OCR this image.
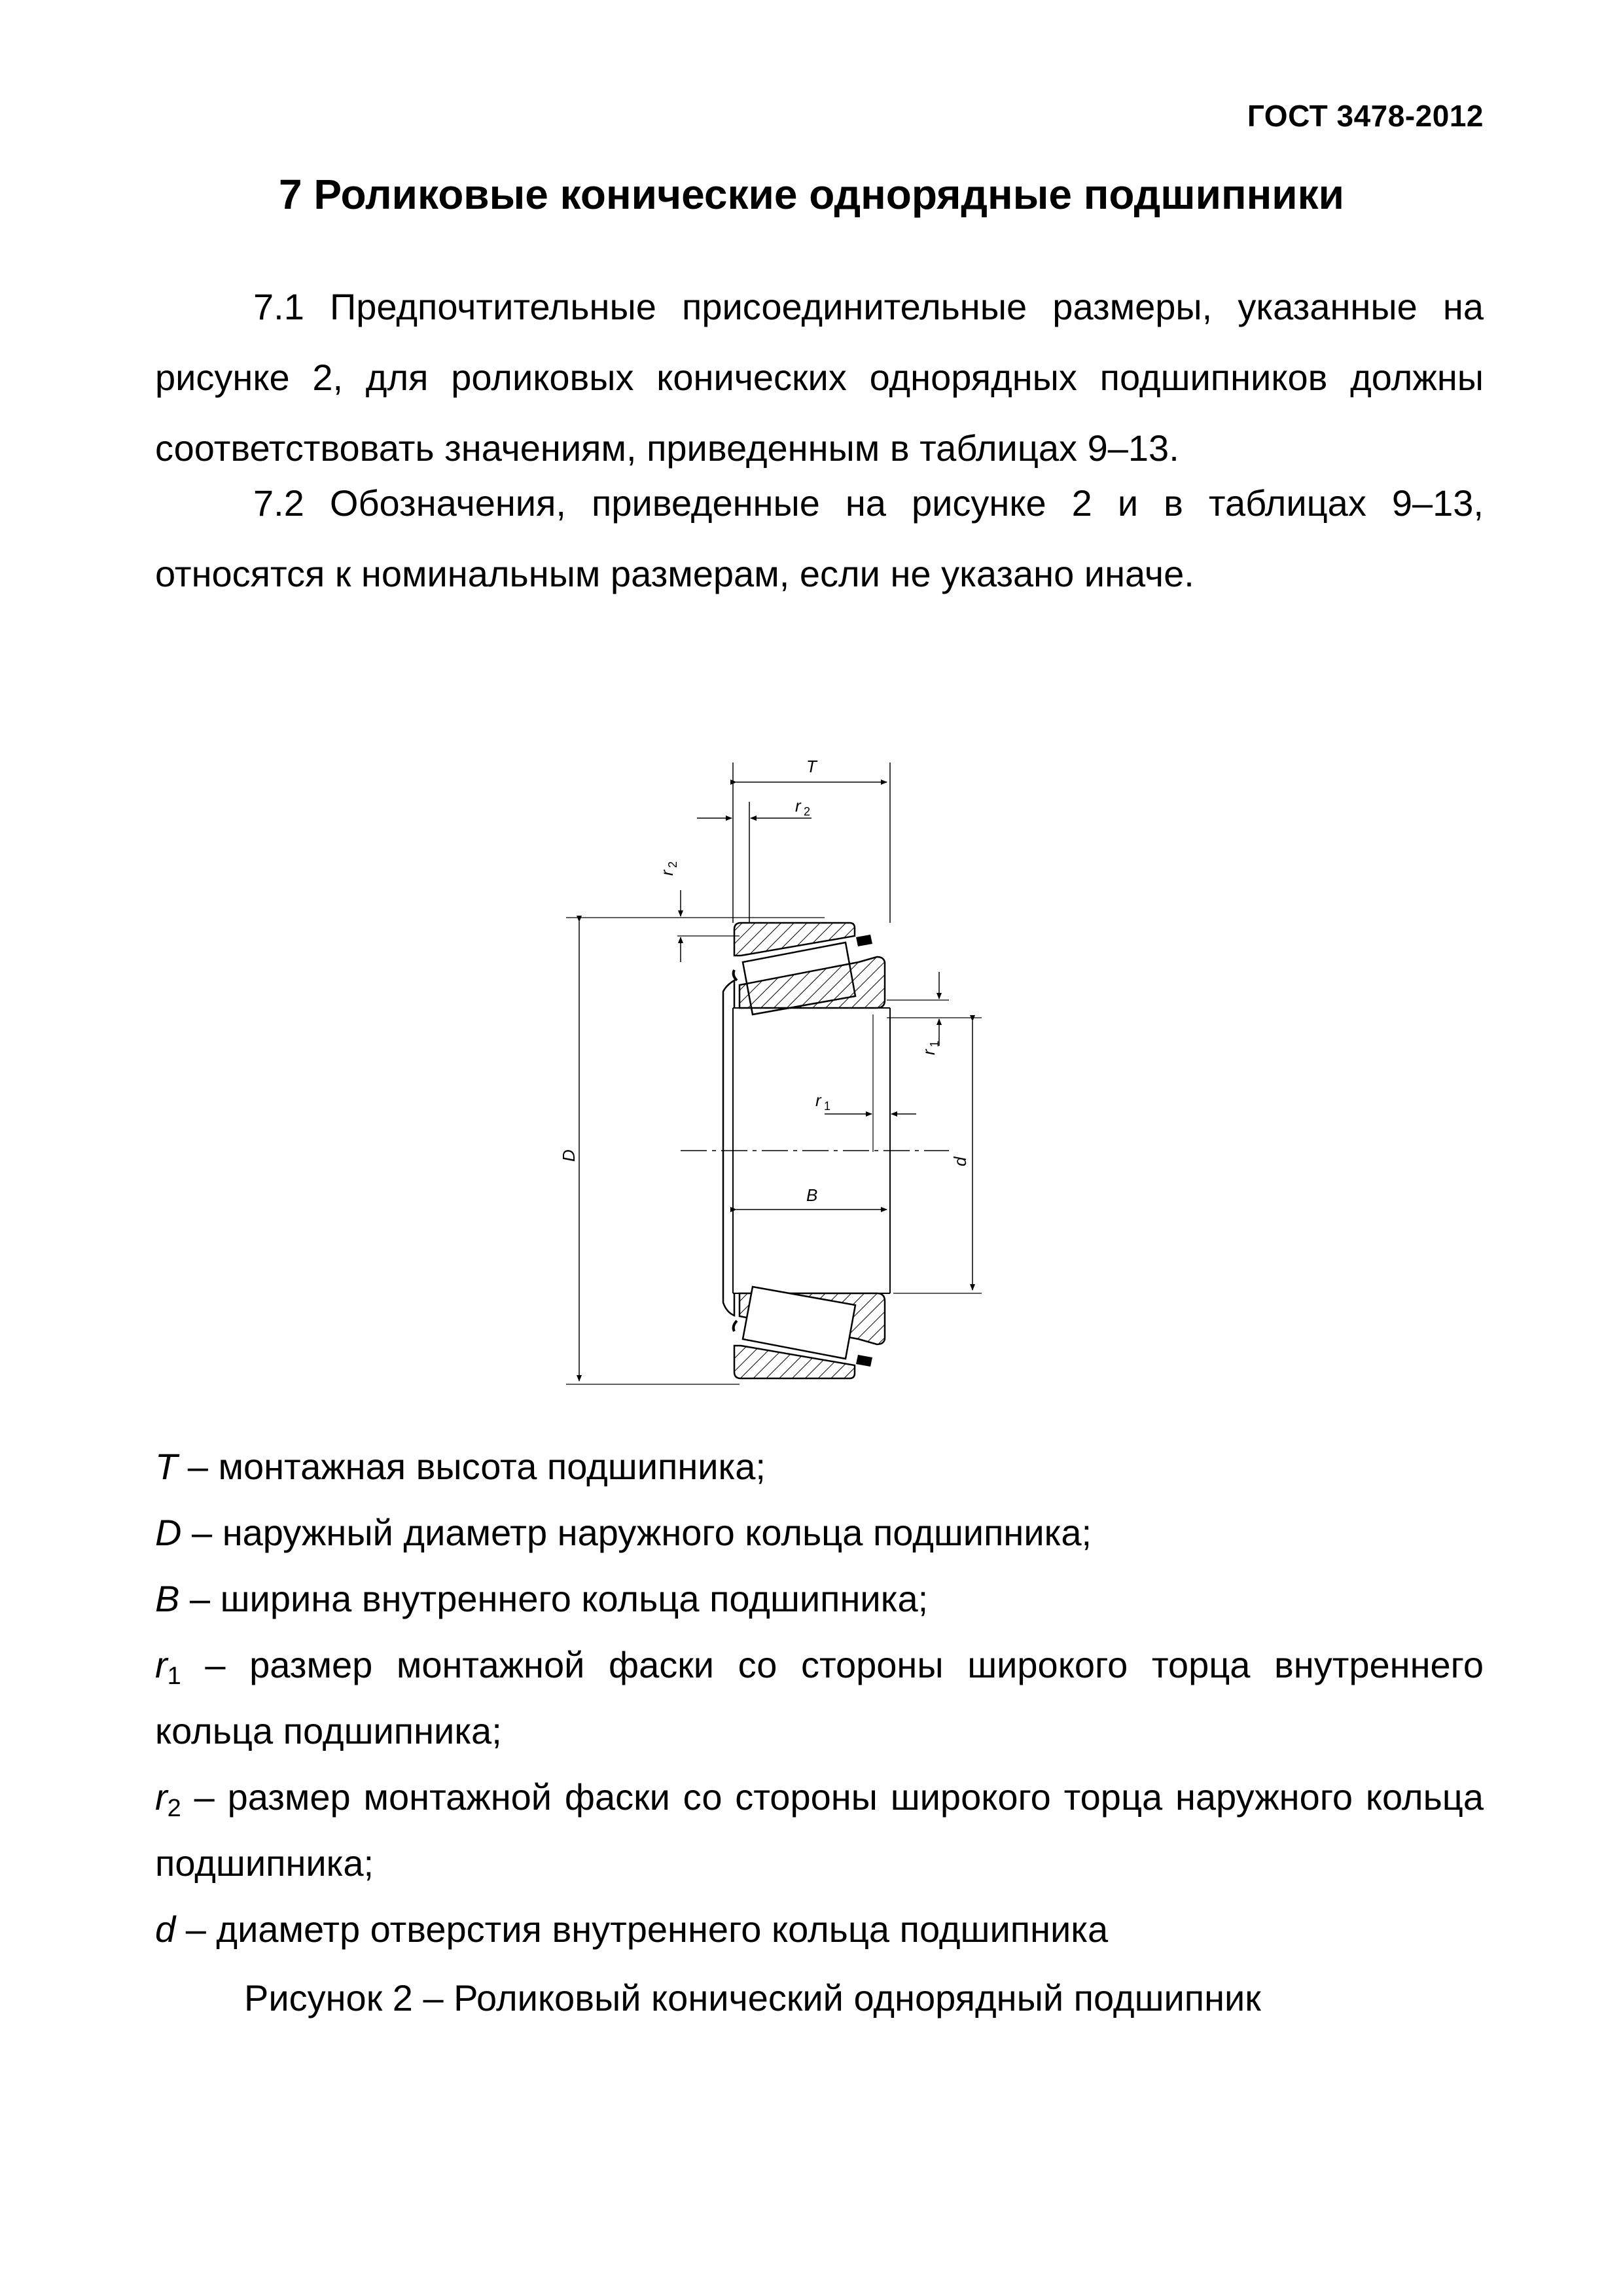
ГОСТ 3478-2012
7 Роликовые конические однорядные подшипники

7.1 Предпочтительные присоединительные размеры, указанные на рисунке 2, для роликовых конических однорядных подшипников должны соответствовать значениям, приведенным в таблицах 9–13.

7.2 Обозначения, приведенные на рисунке 2 и в таблицах 9–13, относятся к номинальным размерам, если не указано иначе.

T
r 2
r
2
D
r
1
r 1
B
d

T – монтажная высота подшипника;

D – наружный диаметр наружного кольца подшипника;

B – ширина внутреннего кольца подшипника;

$r_1$ – размер монтажной фаски со стороны широкого торца внутреннего кольца подшипника;

$r_2$ – размер монтажной фаски со стороны широкого торца наружного кольца подшипника;

d – диаметр отверстия внутреннего кольца подшипника

Рисунок 2 – Роликовый конический однорядный подшипник
